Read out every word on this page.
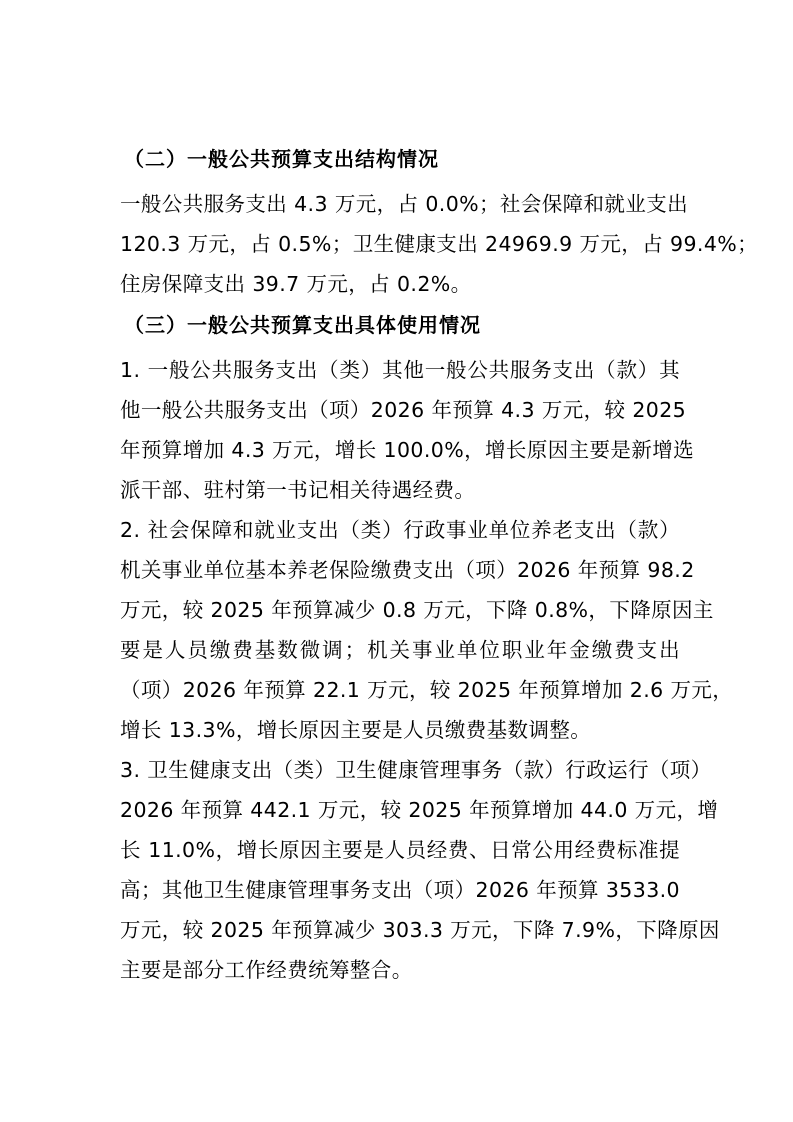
（二）一般公共预算支出结构情况
一般公共服务支出 4.3 万元，占 0.0%；社会保障和就业支出
120.3 万元，占 0.5%；卫生健康支出 24969.9 万元，占 99.4%；
住房保障支出 39.7 万元，占 0.2%。
（三）一般公共预算支出具体使用情况
1. 一般公共服务支出（类）其他一般公共服务支出（款）其
他一般公共服务支出（项）2026 年预算 4.3 万元，较 2025
年预算增加 4.3 万元，增长 100.0%，增长原因主要是新增选
派干部、驻村第一书记相关待遇经费。
2. 社会保障和就业支出（类）行政事业单位养老支出（款）
机关事业单位基本养老保险缴费支出（项）2026 年预算 98.2
万元，较 2025 年预算减少 0.8 万元，下降 0.8%，下降原因主
要是人员缴费基数微调；机关事业单位职业年金缴费支出
（项）2026 年预算 22.1 万元，较 2025 年预算增加 2.6 万元，
增长 13.3%，增长原因主要是人员缴费基数调整。
3. 卫生健康支出（类）卫生健康管理事务（款）行政运行（项）
2026 年预算 442.1 万元，较 2025 年预算增加 44.0 万元，增
长 11.0%，增长原因主要是人员经费、日常公用经费标准提
高；其他卫生健康管理事务支出（项）2026 年预算 3533.0
万元，较 2025 年预算减少 303.3 万元，下降 7.9%，下降原因
主要是部分工作经费统筹整合。
